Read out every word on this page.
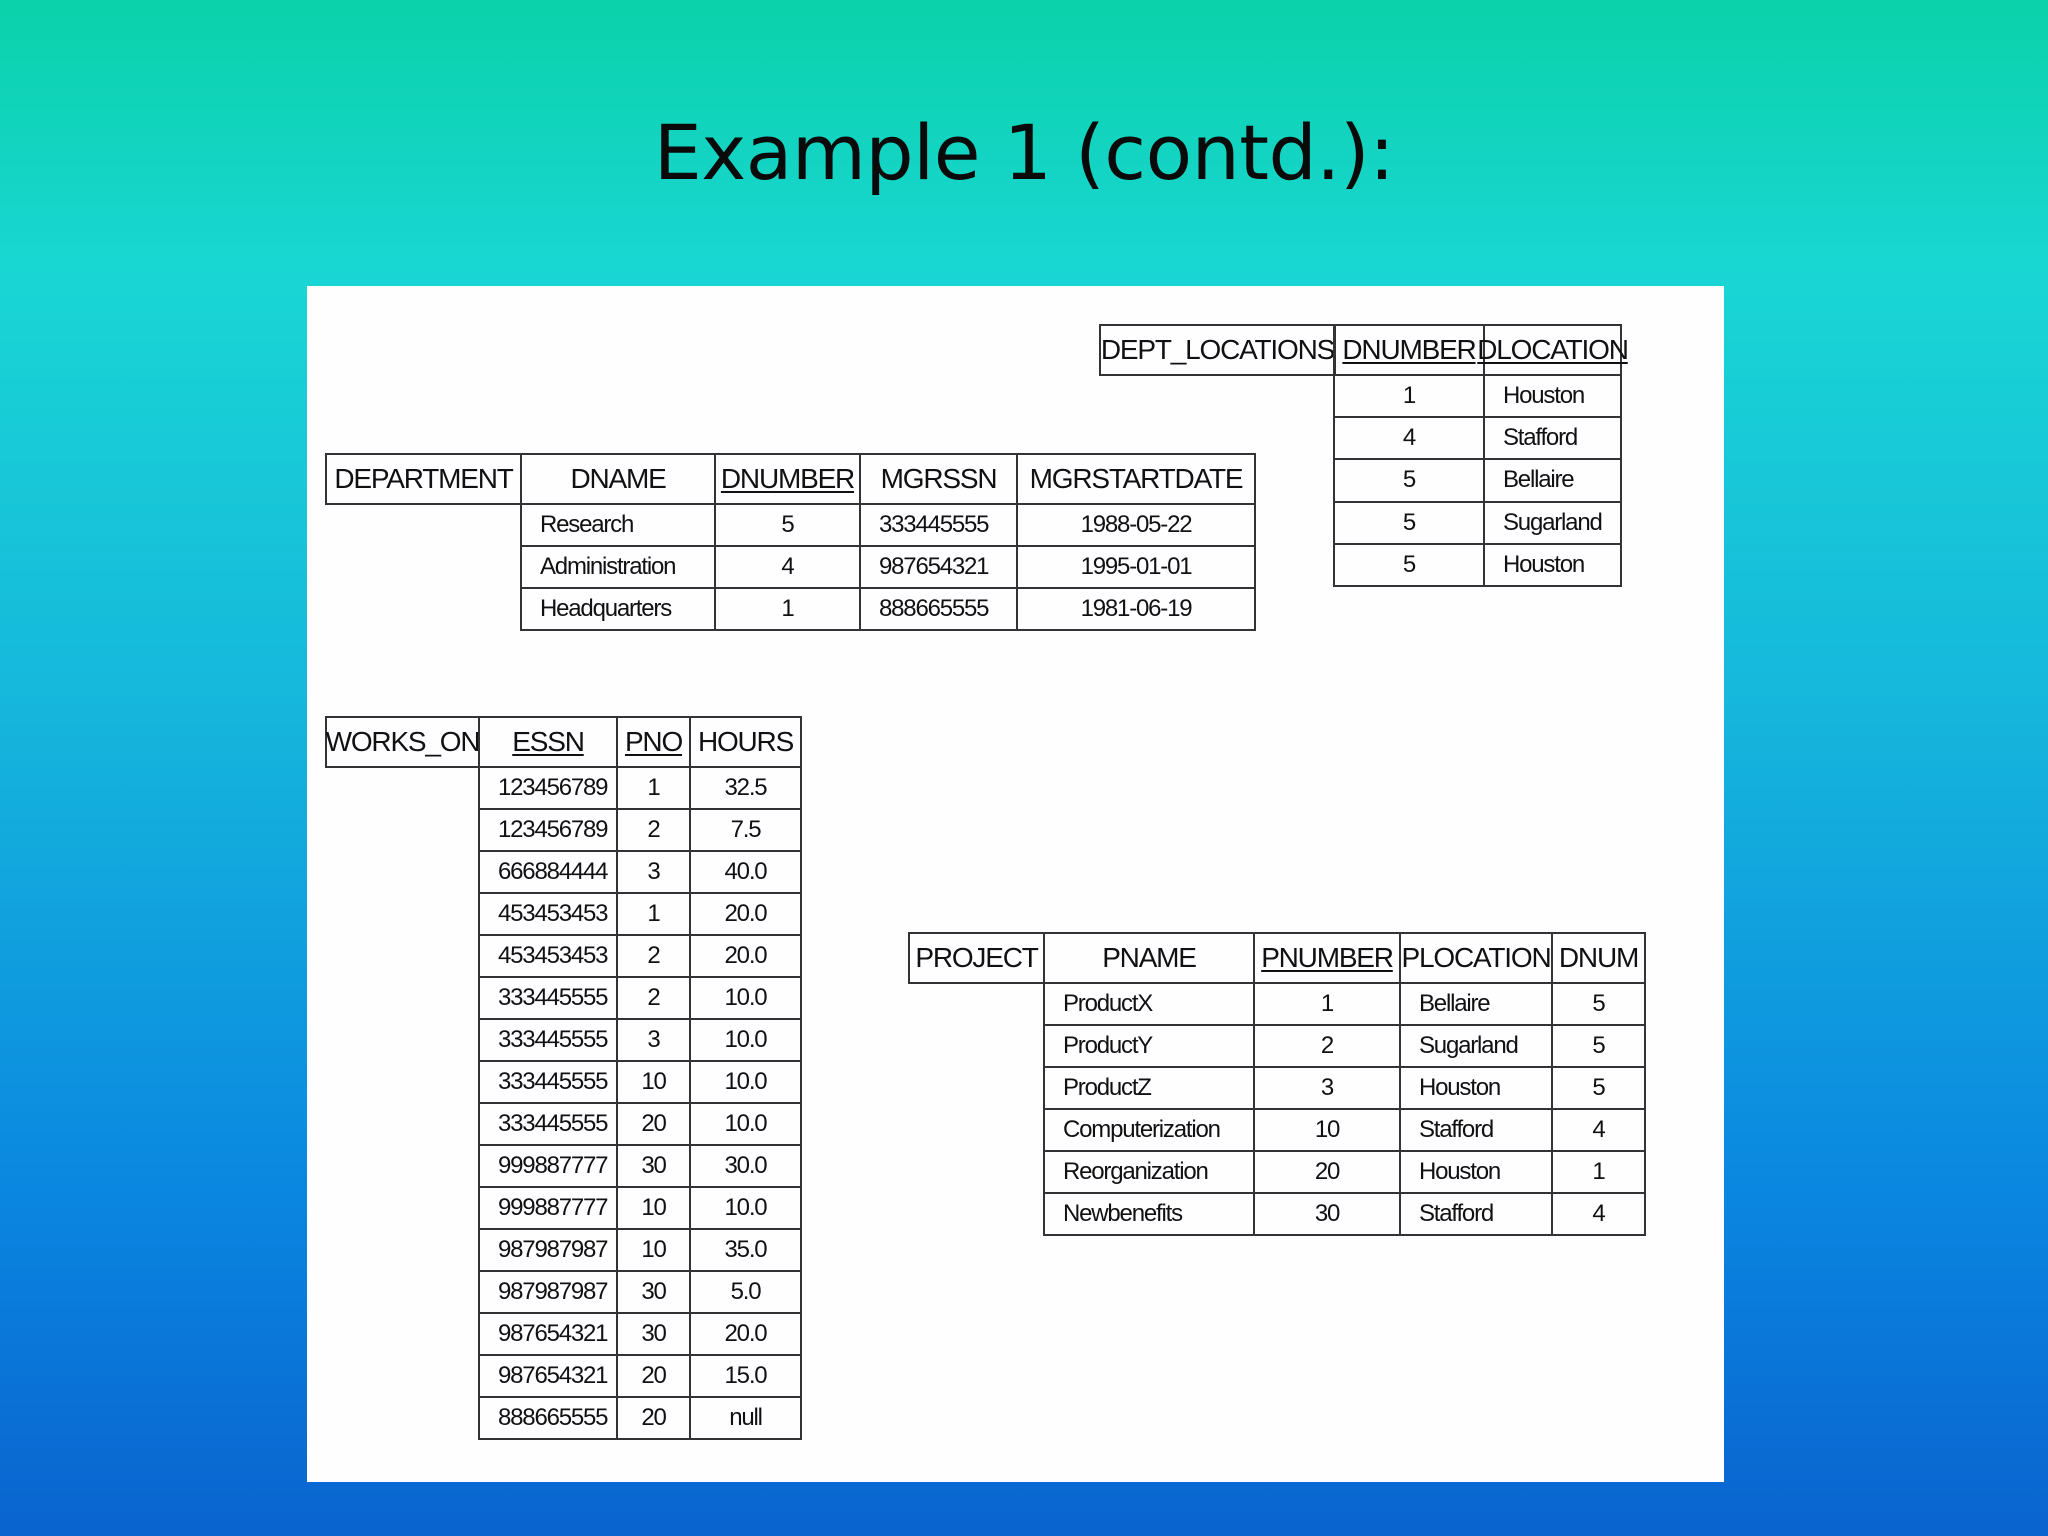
Example 1 (contd.):
DEPT_LOCATIONS DNUMBER DLOCATION
1	Houston
4	Stafford
5	Bellaire
5	Sugarland
5	Houston
DEPARTMENT	DNAME DNUMBER MGRSSN MGRSTARTDATE
Research	5	333445555	1988-05-22
Administration	4	987654321	1995-01-01
Headquarters	1	888665555	1981-06-19
WORKS_ON ESSN PNO HOURS
123456789	1	32.5
123456789	2	7.5
666884444	3	40.0
453453453	1	20.0
453453453	2	20.0
333445555	2	10.0
333445555	3	10.0
333445555	10	10.0
333445555	20	10.0
999887777	30	30.0
999887777	10	10.0
987987987	10	35.0
987987987	30	5.0
987654321	30	20.0
987654321	20	15.0
888665555	20	null
PROJECT PNAME PNUMBER PLOCATION DNUM
ProductX	1	Bellaire	5
ProductY	2	Sugarland	5
ProductZ	3	Houston	5
Computerization	10	Stafford	4
Reorganization	20	Houston	1
Newbenefits	30	Stafford	4
